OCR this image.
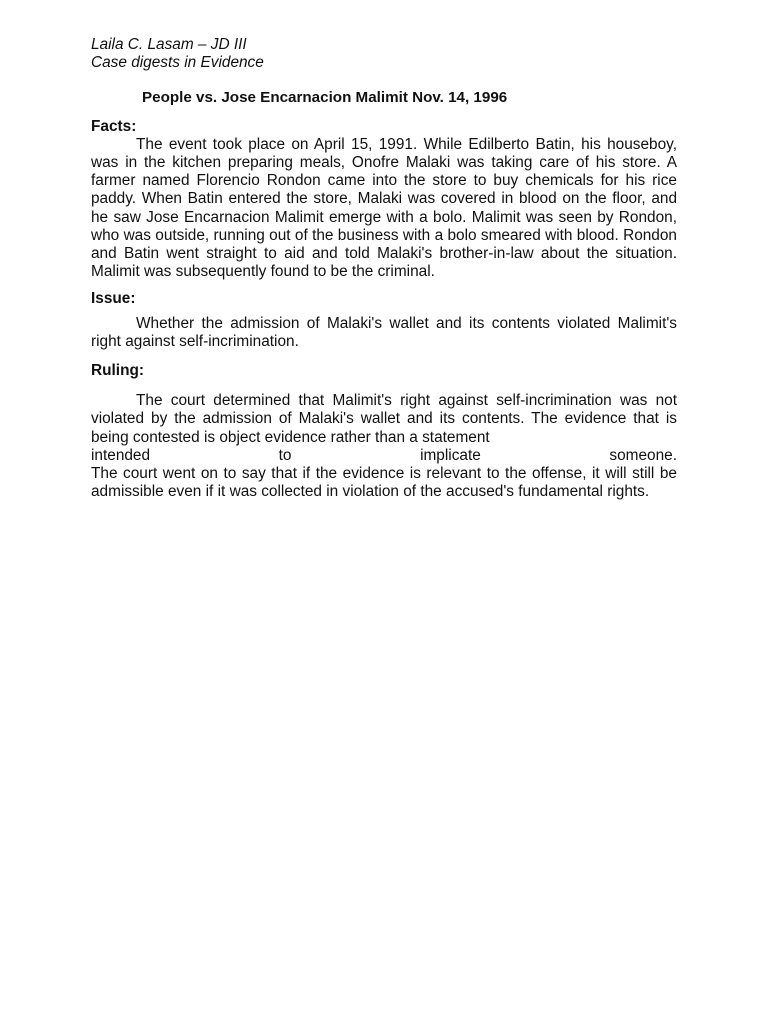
Laila C. Lasam – JD III

Case digests in Evidence

People vs. Jose Encarnacion Malimit Nov. 14, 1996

Facts:

The event took place on April 15, 1991. While Edilberto Batin, his houseboy, was in the kitchen preparing meals, Onofre Malaki was taking care of his store. A farmer named Florencio Rondon came into the store to buy chemicals for his rice paddy. When Batin entered the store, Malaki was covered in blood on the floor, and he saw Jose Encarnacion Malimit emerge with a bolo. Malimit was seen by Rondon, who was outside, running out of the business with a bolo smeared with blood. Rondon and Batin went straight to aid and told Malaki's brother-in-law about the situation. Malimit was subsequently found to be the criminal.

Issue:

Whether the admission of Malaki's wallet and its contents violated Malimit's right against self-incrimination.

Ruling:

The court determined that Malimit's right against self-incrimination was not violated by the admission of Malaki's wallet and its contents. The evidence that is being contested is object evidence rather than a statement

intended	to	implicate	someone.

The court went on to say that if the evidence is relevant to the offense, it will still be admissible even if it was collected in violation of the accused's fundamental rights.
